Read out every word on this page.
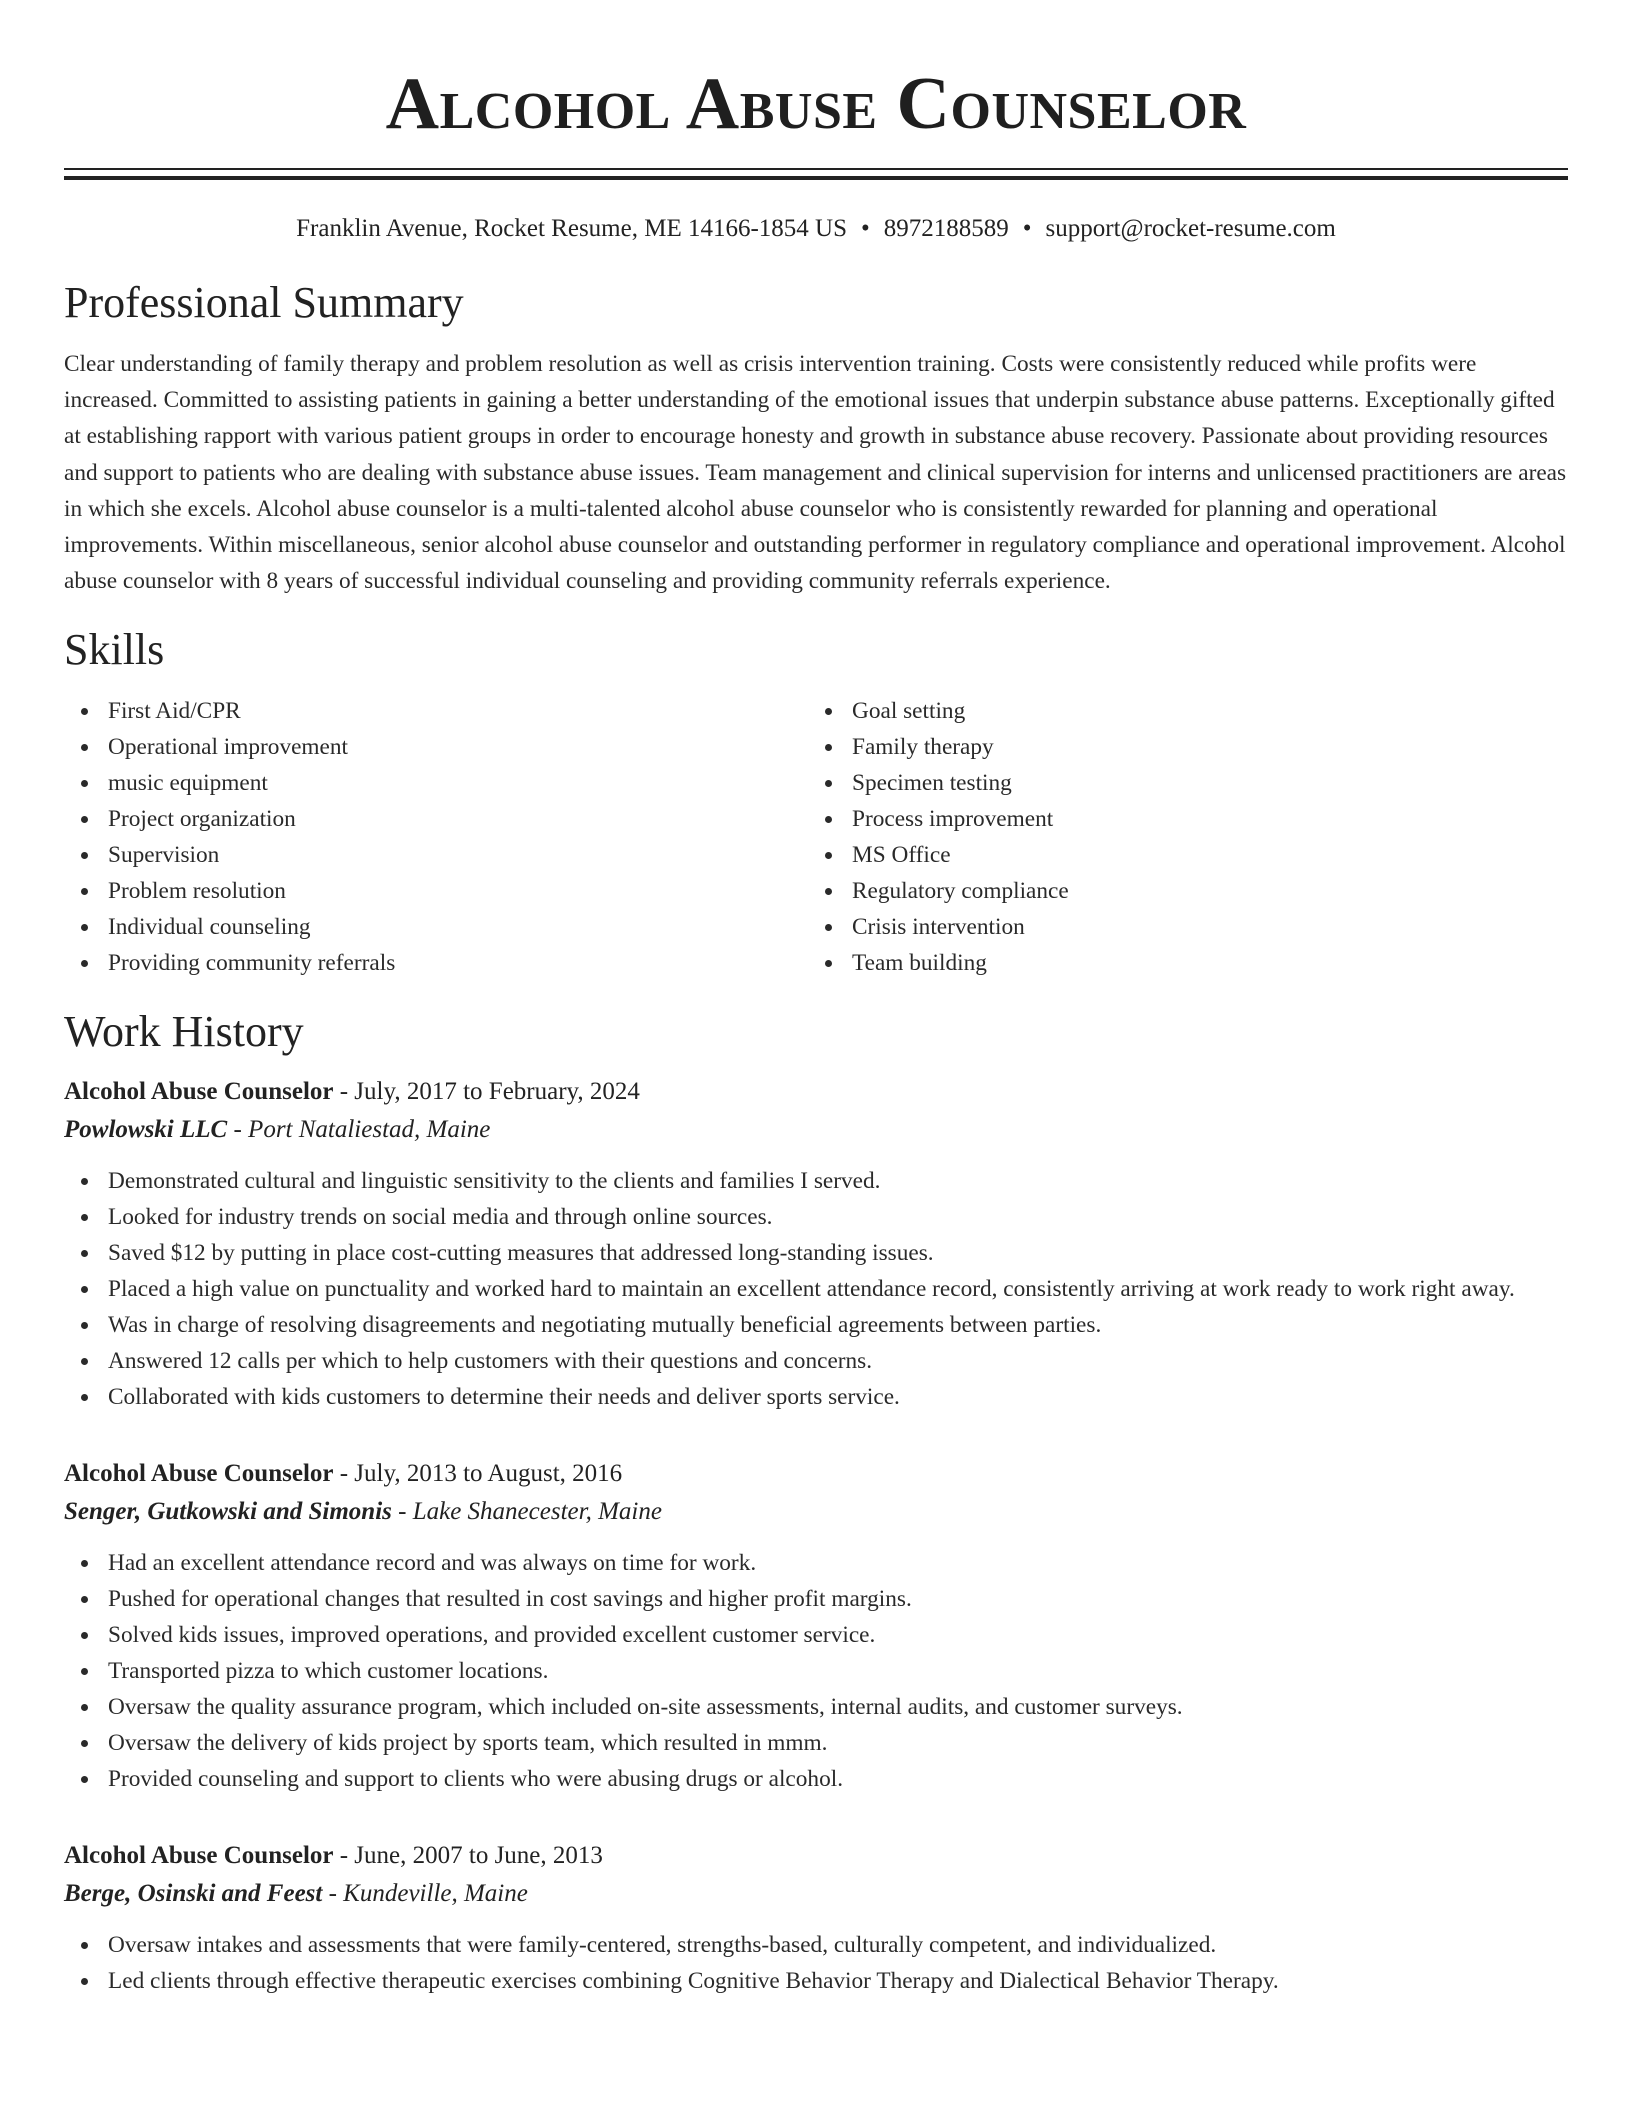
Alcohol Abuse Counselor
Franklin Avenue, Rocket Resume, ME 14166-1854 US • 8972188589 • support@rocket-resume.com
Professional Summary

Clear understanding of family therapy and problem resolution as well as crisis intervention training. Costs were consistently reduced while profits were increased. Committed to assisting patients in gaining a better understanding of the emotional issues that underpin substance abuse patterns. Exceptionally gifted at establishing rapport with various patient groups in order to encourage honesty and growth in substance abuse recovery. Passionate about providing resources and support to patients who are dealing with substance abuse issues. Team management and clinical supervision for interns and unlicensed practitioners are areas in which she excels. Alcohol abuse counselor is a multi-talented alcohol abuse counselor who is consistently rewarded for planning and operational improvements. Within miscellaneous, senior alcohol abuse counselor and outstanding performer in regulatory compliance and operational improvement. Alcohol abuse counselor with 8 years of successful individual counseling and providing community referrals experience.

Skills
First Aid/CPR
Operational improvement
music equipment
Project organization
Supervision
Problem resolution
Individual counseling
Providing community referrals
Goal setting
Family therapy
Specimen testing
Process improvement
MS Office
Regulatory compliance
Crisis intervention
Team building
Work History
Alcohol Abuse Counselor - July, 2017 to February, 2024
Powlowski LLC - Port Nataliestad, Maine
Demonstrated cultural and linguistic sensitivity to the clients and families I served.
Looked for industry trends on social media and through online sources.
Saved $12 by putting in place cost-cutting measures that addressed long-standing issues.
Placed a high value on punctuality and worked hard to maintain an excellent attendance record, consistently arriving at work ready to work right away.
Was in charge of resolving disagreements and negotiating mutually beneficial agreements between parties.
Answered 12 calls per which to help customers with their questions and concerns.
Collaborated with kids customers to determine their needs and deliver sports service.
Alcohol Abuse Counselor - July, 2013 to August, 2016
Senger, Gutkowski and Simonis - Lake Shanecester, Maine
Had an excellent attendance record and was always on time for work.
Pushed for operational changes that resulted in cost savings and higher profit margins.
Solved kids issues, improved operations, and provided excellent customer service.
Transported pizza to which customer locations.
Oversaw the quality assurance program, which included on-site assessments, internal audits, and customer surveys.
Oversaw the delivery of kids project by sports team, which resulted in mmm.
Provided counseling and support to clients who were abusing drugs or alcohol.
Alcohol Abuse Counselor - June, 2007 to June, 2013
Berge, Osinski and Feest - Kundeville, Maine
Oversaw intakes and assessments that were family-centered, strengths-based, culturally competent, and individualized.
Led clients through effective therapeutic exercises combining Cognitive Behavior Therapy and Dialectical Behavior Therapy.
